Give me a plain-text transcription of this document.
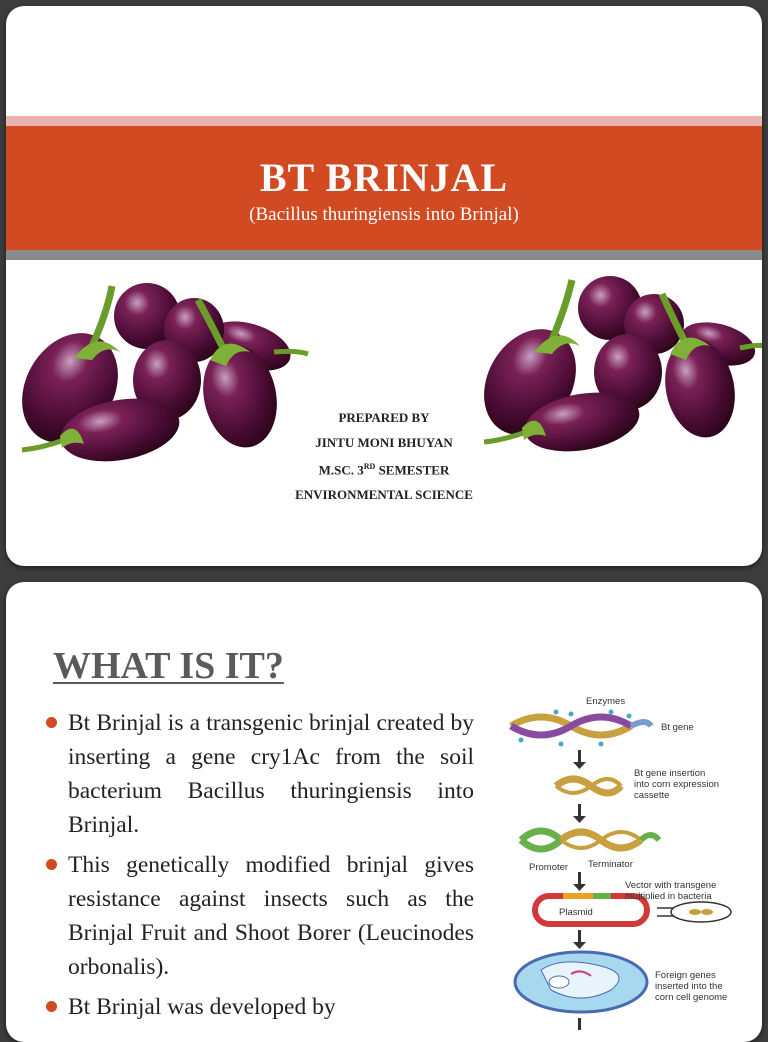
BT BRINJAL
(Bacillus thuringiensis into Brinjal)
PREPARED BY
JINTU MONI BHUYAN
M.SC. 3RD SEMESTER
ENVIRONMENTAL SCIENCE
WHAT IS IT?
Bt Brinjal is a transgenic brinjal created by inserting a gene cry1Ac from the soil bacterium Bacillus thuringiensis into Brinjal.
This genetically modified brinjal gives resistance against insects such as the Brinjal Fruit and Shoot Borer (Leucinodes orbonalis).
Bt Brinjal was developed by
Enzymes
Bt gene
Bt gene insertion
into corn expression
cassette
Promoter Terminator
Plasmid
Vector with transgene
multiplied in bacteria
Foreign genes
inserted into the
corn cell genome
